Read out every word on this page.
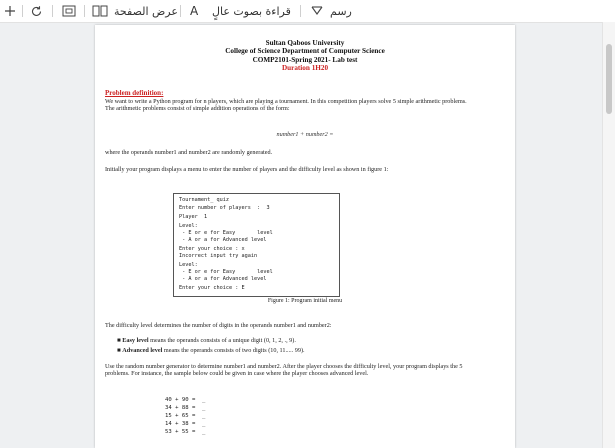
عرض الصفحة A قراءة بصوت عالٍ	رسم
Sultan Qaboos University
College of Science Department of Computer Science
COMP2101-Spring 2021- Lab test
Duration 1H20
Problem definition:
We want to write a Python program for n players, which are playing a tournament. In this competition players solve 5 simple arithmetic problems. The arithmetic problems consist of simple addition operations of the form:
number1 + number2 =
where the operands number1 and number2 are randomly generated.
Initially your program displays a menu to enter the number of players and the difficulty level as shown in figure 1:
Tournament_ quiz
Enter number of players  :  3
Player  1
Level:
- E or e for Easy       level
- A or a for Advanced level
Enter your choice : x
Incorrect input try again
Level:
- E or e for Easy       level
- A or a for Advanced level
Enter your choice : E
Figure 1: Program initial menu
The difficulty level determines the number of digits in the operands number1 and number2:
■ Easy level means the operands consists of a unique digit (0, 1, 2, ., 9).
■ Advanced level means the operands consists of two digits (10, 11..... 99).
Use the random number generator to determine number1 and number2. After the player chooses the difficulty level, your program displays the 5 problems. For instance, the sample below could be given in case where the player chooses advanced level.
40 + 90 =  _
34 + 88 =  _
15 + 65 =  _
14 + 38 =  _
53 + 55 =  _
